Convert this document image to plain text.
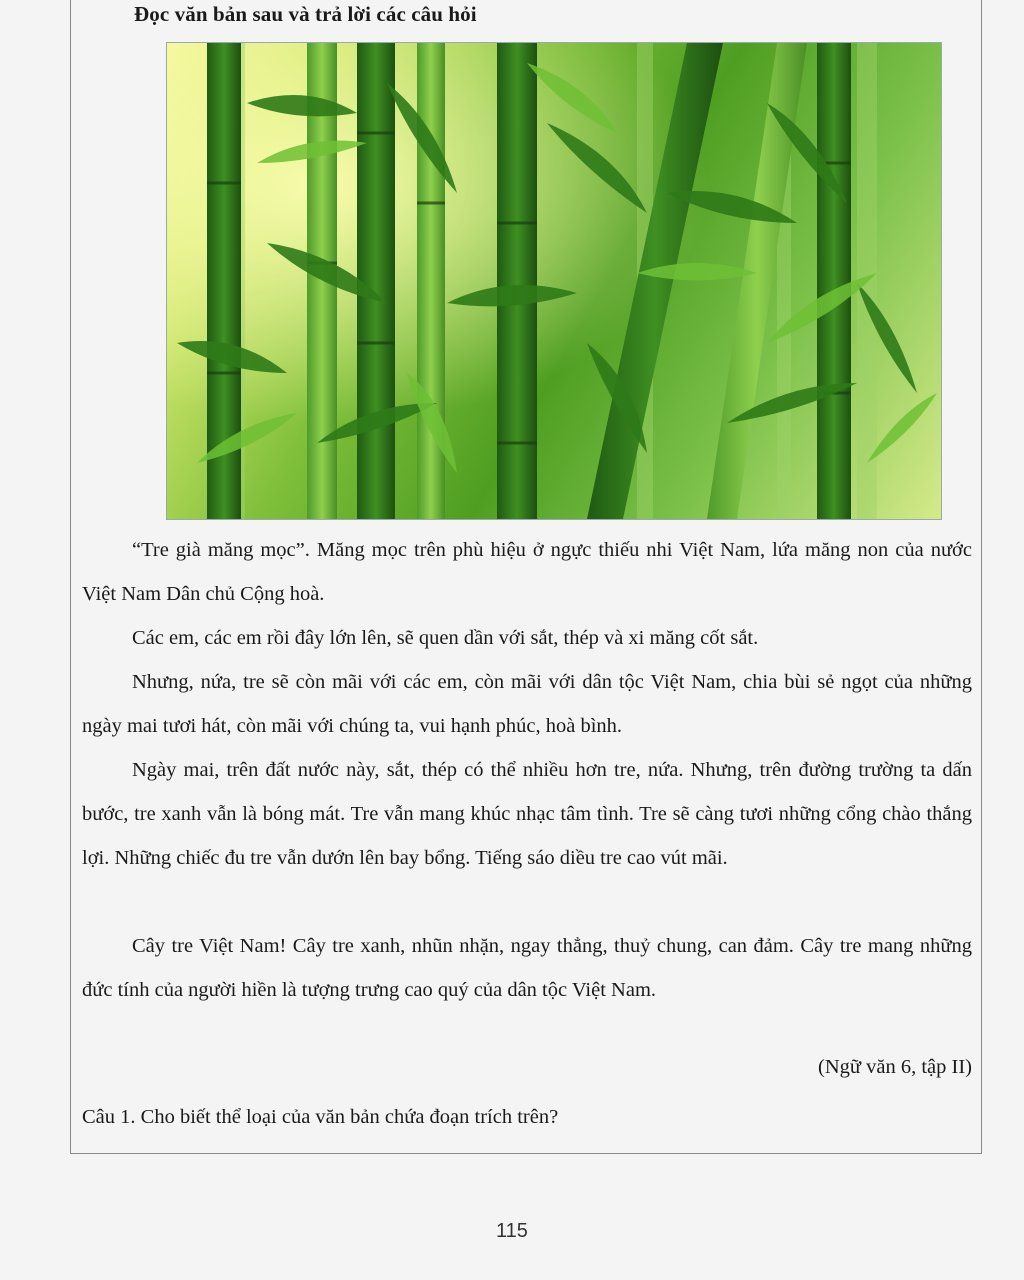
Đọc văn bản sau và trả lời các câu hỏi

“Tre già măng mọc”. Măng mọc trên phù hiệu ở ngực thiếu nhi Việt Nam, lứa măng non của nước Việt Nam Dân chủ Cộng hoà.

Các em, các em rồi đây lớn lên, sẽ quen dần với sắt, thép và xi măng cốt sắt.

Nhưng, nứa, tre sẽ còn mãi với các em, còn mãi với dân tộc Việt Nam, chia bùi sẻ ngọt của những ngày mai tươi hát, còn mãi với chúng ta, vui hạnh phúc, hoà bình.

Ngày mai, trên đất nước này, sắt, thép có thể nhiều hơn tre, nứa. Nhưng, trên đường trường ta dấn bước, tre xanh vẫn là bóng mát. Tre vẫn mang khúc nhạc tâm tình. Tre sẽ càng tươi những cổng chào thắng lợi. Những chiếc đu tre vẫn dướn lên bay bổng. Tiếng sáo diều tre cao vút mãi.

Cây tre Việt Nam! Cây tre xanh, nhũn nhặn, ngay thẳng, thuỷ chung, can đảm. Cây tre mang những đức tính của người hiền là tượng trưng cao quý của dân tộc Việt Nam.

(Ngữ văn 6, tập II)
Câu 1. Cho biết thể loại của văn bản chứa đoạn trích trên?
115
